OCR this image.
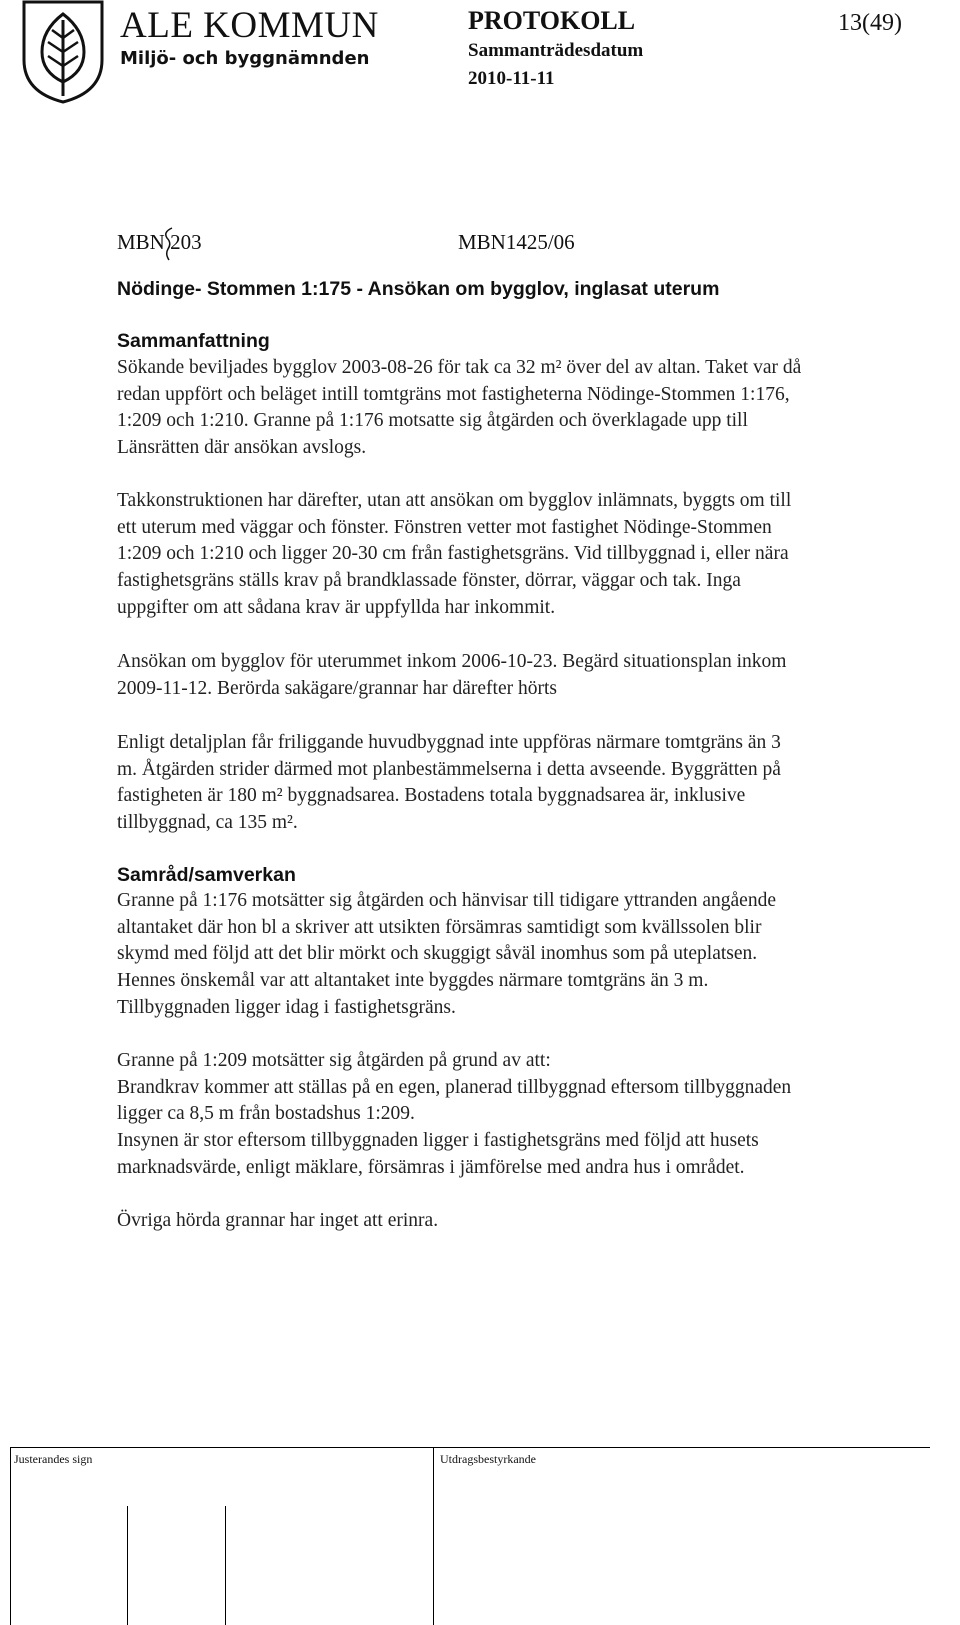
ALE KOMMUN
Miljö- och byggnämnden
PROTOKOLL
Sammanträdesdatum
2010-11-11
13(49)
MBN 203	MBN1425/06
Nödinge- Stommen 1:175 - Ansökan om bygglov, inglasat uterum
Sammanfattning
Sökande beviljades bygglov 2003-08-26 för tak ca 32 m² över del av altan. Taket var då
redan uppfört och beläget intill tomtgräns mot fastigheterna Nödinge-Stommen 1:176,
1:209 och 1:210. Granne på 1:176 motsatte sig åtgärden och överklagade upp till
Länsrätten där ansökan avslogs.
Takkonstruktionen har därefter, utan att ansökan om bygglov inlämnats, byggts om till
ett uterum med väggar och fönster. Fönstren vetter mot fastighet Nödinge-Stommen
1:209 och 1:210 och ligger 20-30 cm från fastighetsgräns. Vid tillbyggnad i, eller nära
fastighetsgräns ställs krav på brandklassade fönster, dörrar, väggar och tak. Inga
uppgifter om att sådana krav är uppfyllda har inkommit.
Ansökan om bygglov för uterummet inkom 2006-10-23. Begärd situationsplan inkom
2009-11-12. Berörda sakägare/grannar har därefter hörts
Enligt detaljplan får friliggande huvudbyggnad inte uppföras närmare tomtgräns än 3
m. Åtgärden strider därmed mot planbestämmelserna i detta avseende. Byggrätten på
fastigheten är 180 m² byggnadsarea. Bostadens totala byggnadsarea är, inklusive
tillbyggnad, ca 135 m².
Samråd/samverkan
Granne på 1:176 motsätter sig åtgärden och hänvisar till tidigare yttranden angående
altantaket där hon bl a skriver att utsikten försämras samtidigt som kvällssolen blir
skymd med följd att det blir mörkt och skuggigt såväl inomhus som på uteplatsen.
Hennes önskemål var att altantaket inte byggdes närmare tomtgräns än 3 m.
Tillbyggnaden ligger idag i fastighetsgräns.
Granne på 1:209 motsätter sig åtgärden på grund av att:
Brandkrav kommer att ställas på en egen, planerad tillbyggnad eftersom tillbyggnaden
ligger ca 8,5 m från bostadshus 1:209.
Insynen är stor eftersom tillbyggnaden ligger i fastighetsgräns med följd att husets
marknadsvärde, enligt mäklare, försämras i jämförelse med andra hus i området.
Övriga hörda grannar har inget att erinra.
Justerandes sign	Utdragsbestyrkande
